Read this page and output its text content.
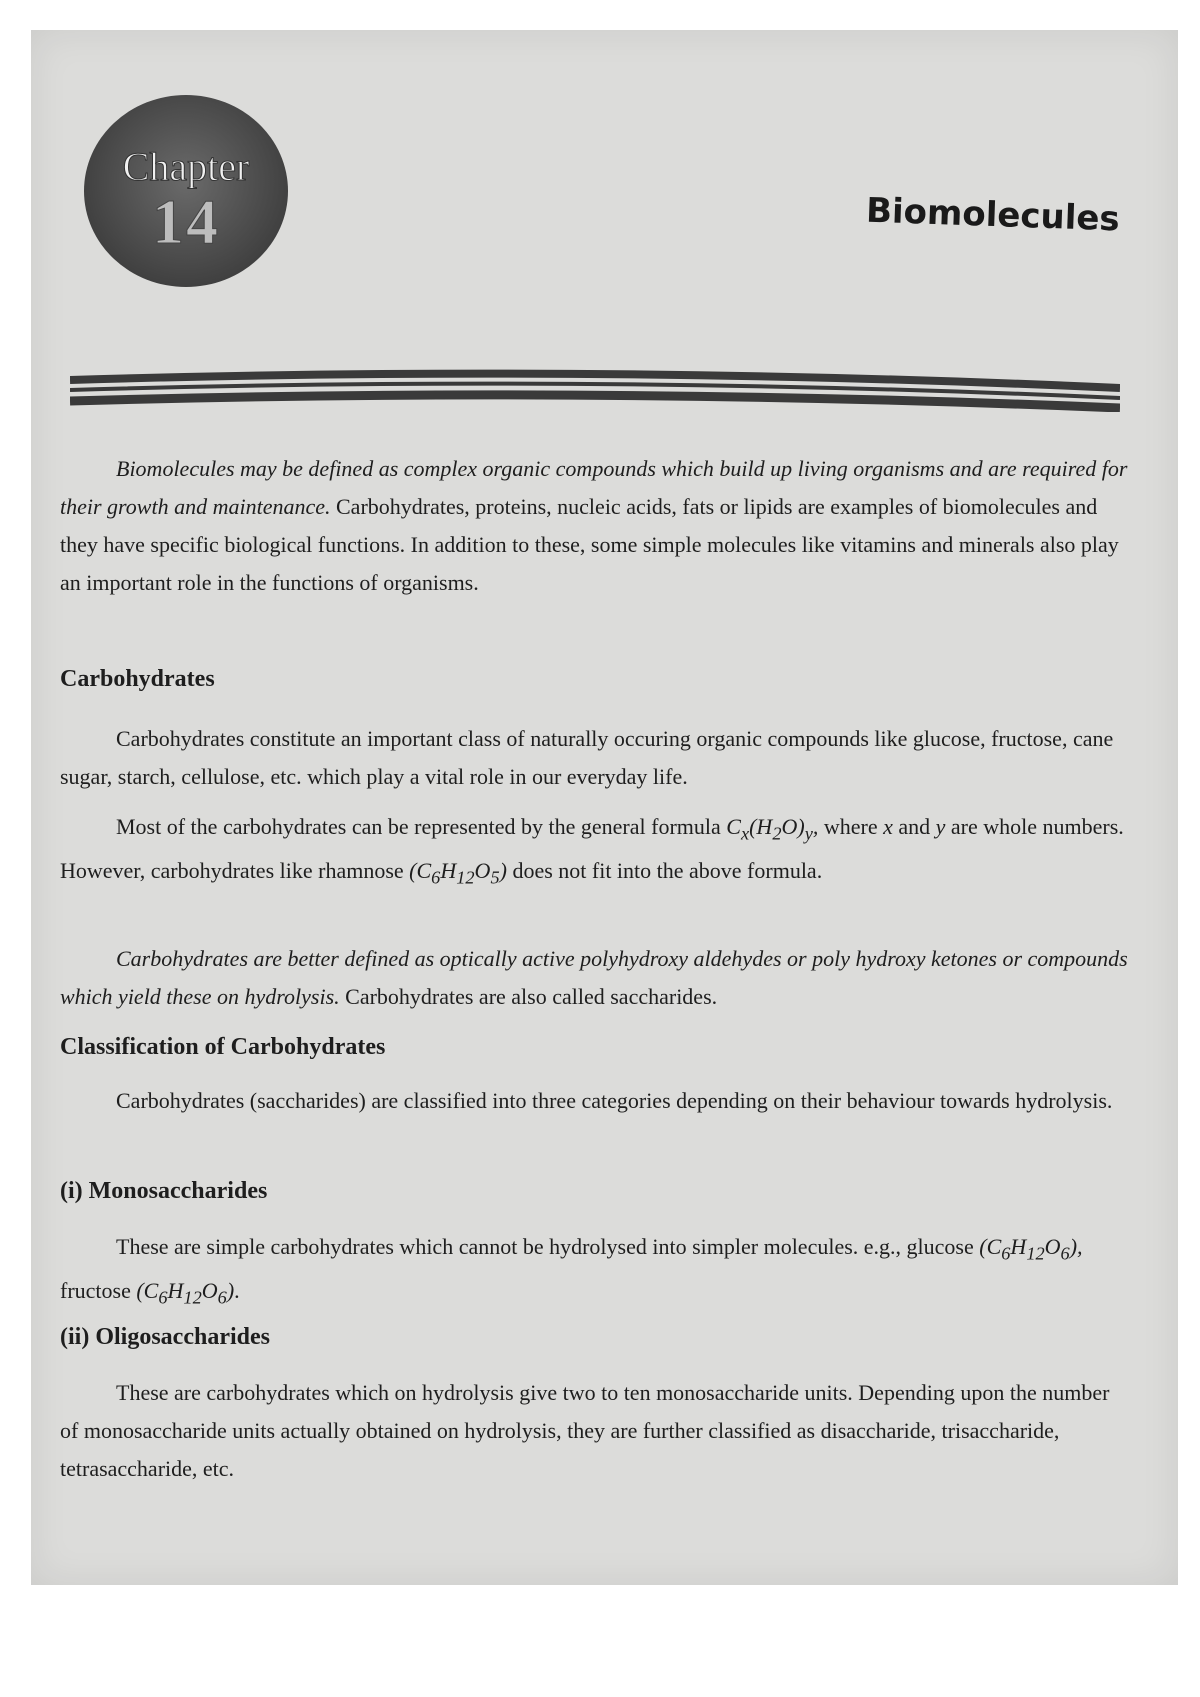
Chapter
14	Biomolecules

Biomolecules may be defined as complex organic compounds which build up living organisms and are required for their growth and maintenance. Carbohydrates, proteins, nucleic acids, fats or lipids are examples of biomolecules and they have specific biological functions. In addition to these, some simple molecules like vitamins and minerals also play an important role in the functions of organisms.

Carbohydrates

Carbohydrates constitute an important class of naturally occuring organic compounds like glucose, fructose, cane sugar, starch, cellulose, etc. which play a vital role in our everyday life.

Most of the carbohydrates can be represented by the general formula $C_x(H_2O)_y$, where x and y are whole numbers. However, carbohydrates like rhamnose $(C_6H_{12}O_5)$ does not fit into the above formula.

Carbohydrates are better defined as optically active polyhydroxy aldehydes or poly hydroxy ketones or compounds which yield these on hydrolysis. Carbohydrates are also called saccharides.

Classification of Carbohydrates

Carbohydrates (saccharides) are classified into three categories depending on their behaviour towards hydrolysis.

(i) Monosaccharides

These are simple carbohydrates which cannot be hydrolysed into simpler molecules. e.g., glucose $(C_6H_{12}O_6)$, fructose $(C_6H_{12}O_6)$.

(ii) Oligosaccharides

These are carbohydrates which on hydrolysis give two to ten monosaccharide units. Depending upon the number of monosaccharide units actually obtained on hydrolysis, they are further classified as disaccharide, trisaccharide, tetrasaccharide, etc.
